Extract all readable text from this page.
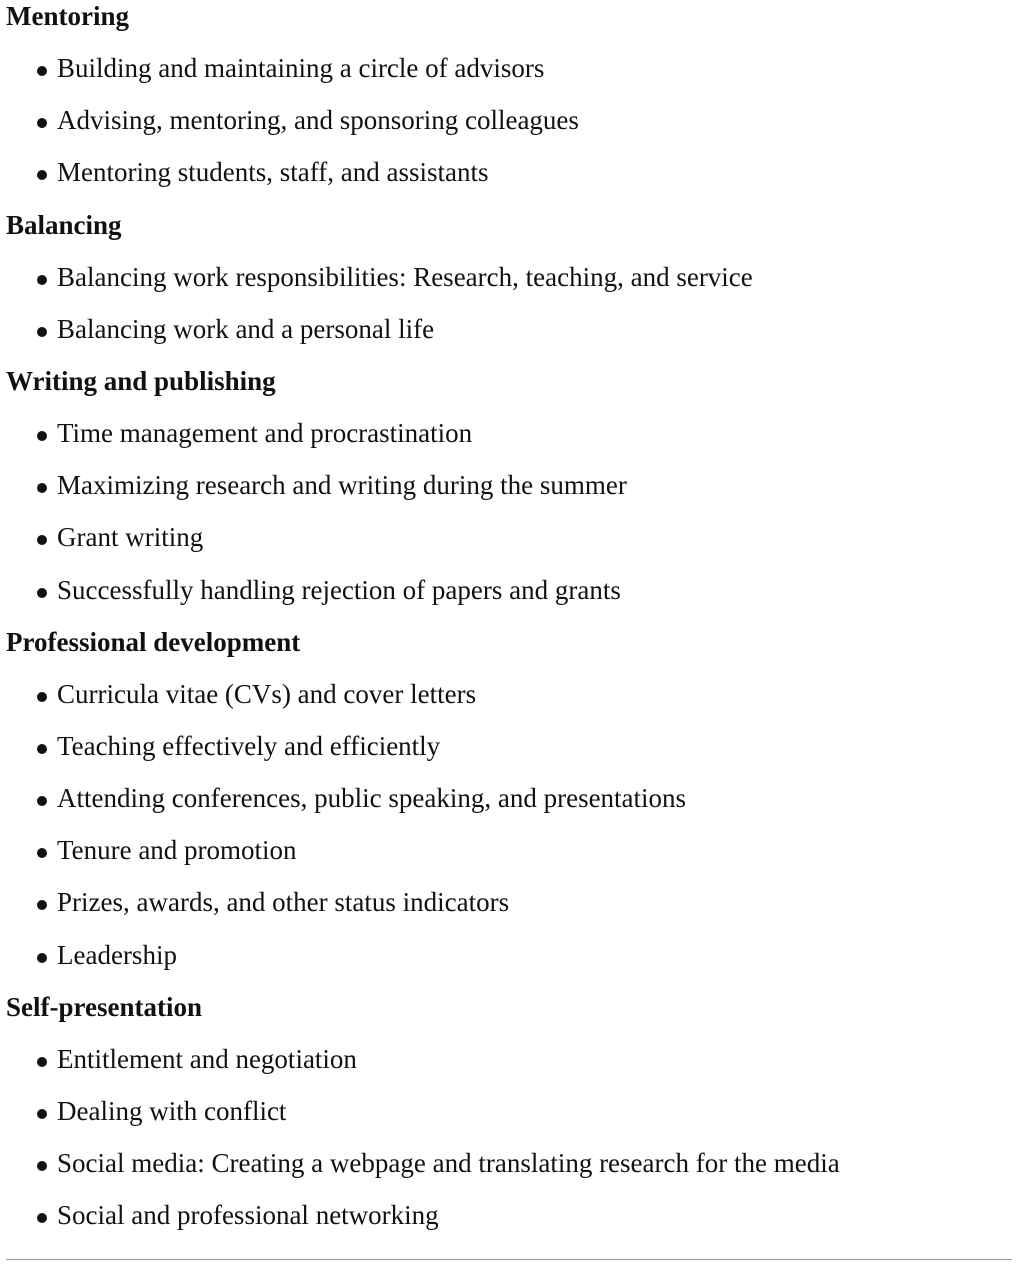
Mentoring
Building and maintaining a circle of advisors
Advising, mentoring, and sponsoring colleagues
Mentoring students, staff, and assistants
Balancing
Balancing work responsibilities: Research, teaching, and service
Balancing work and a personal life
Writing and publishing
Time management and procrastination
Maximizing research and writing during the summer
Grant writing
Successfully handling rejection of papers and grants
Professional development
Curricula vitae (CVs) and cover letters
Teaching effectively and efficiently
Attending conferences, public speaking, and presentations
Tenure and promotion
Prizes, awards, and other status indicators
Leadership
Self-presentation
Entitlement and negotiation
Dealing with conflict
Social media: Creating a webpage and translating research for the media
Social and professional networking
